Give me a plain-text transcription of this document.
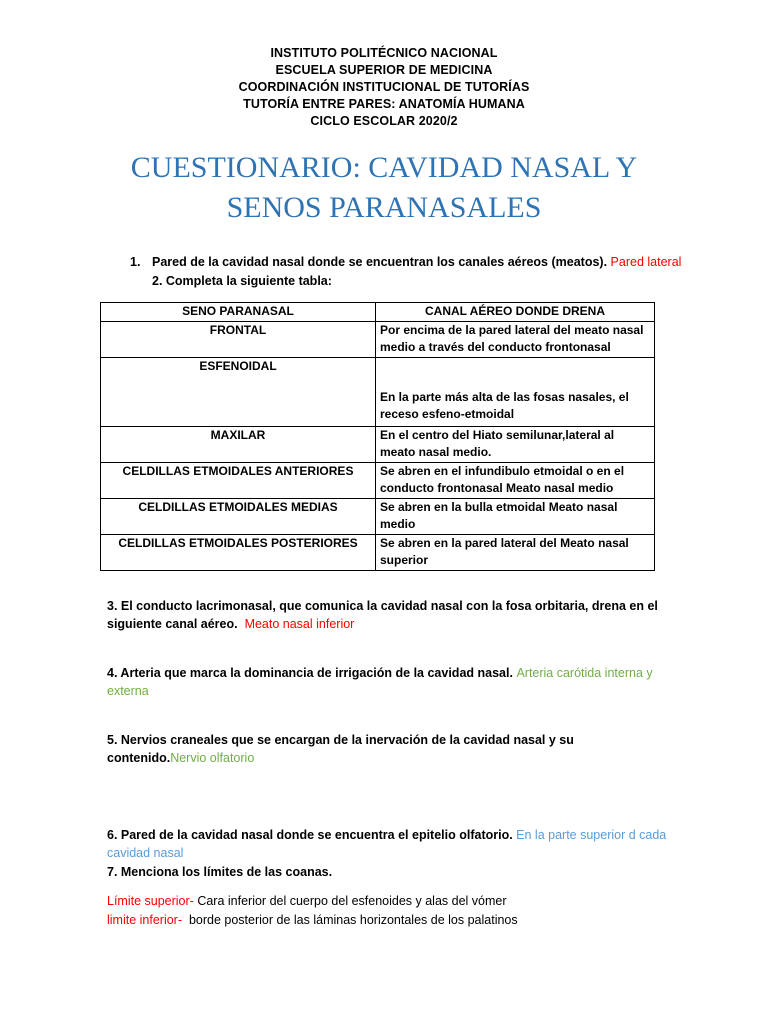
INSTITUTO POLITÉCNICO NACIONAL
ESCUELA SUPERIOR DE MEDICINA
COORDINACIÓN INSTITUCIONAL DE TUTORÍAS
TUTORÍA ENTRE PARES: ANATOMÍA HUMANA
CICLO ESCOLAR 2020/2
CUESTIONARIO: CAVIDAD NASAL Y
SENOS PARANASALES
1. Pared de la cavidad nasal donde se encuentran los canales aéreos (meatos). Pared lateral
2. Completa la siguiente tabla:
SENO PARANASAL	CANAL AÉREO DONDE DRENA
FRONTAL	Por encima de la pared lateral del meato nasal medio a través del conducto frontonasal
ESFENOIDAL	En la parte más alta de las fosas nasales, el receso esfeno-etmoidal
MAXILAR	En el centro del Hiato semilunar,lateral al meato nasal medio.
CELDILLAS ETMOIDALES ANTERIORES	Se abren en el infundibulo etmoidal o en el conducto frontonasal Meato nasal medio
CELDILLAS ETMOIDALES MEDIAS	Se abren en la bulla etmoidal Meato nasal medio
CELDILLAS ETMOIDALES POSTERIORES	Se abren en la pared lateral del Meato nasal superior
3. El conducto lacrimonasal, que comunica la cavidad nasal con la fosa orbitaria, drena en el siguiente canal aéreo. Meato nasal inferior
4. Arteria que marca la dominancia de irrigación de la cavidad nasal. Arteria carótida interna y externa
5. Nervios craneales que se encargan de la inervación de la cavidad nasal y su contenido.Nervio olfatorio
6. Pared de la cavidad nasal donde se encuentra el epitelio olfatorio. En la parte superior d cada cavidad nasal
7. Menciona los límites de las coanas.
Límite superior- Cara inferior del cuerpo del esfenoides y alas del vómer
limite inferior-  borde posterior de las láminas horizontales de los palatinos
